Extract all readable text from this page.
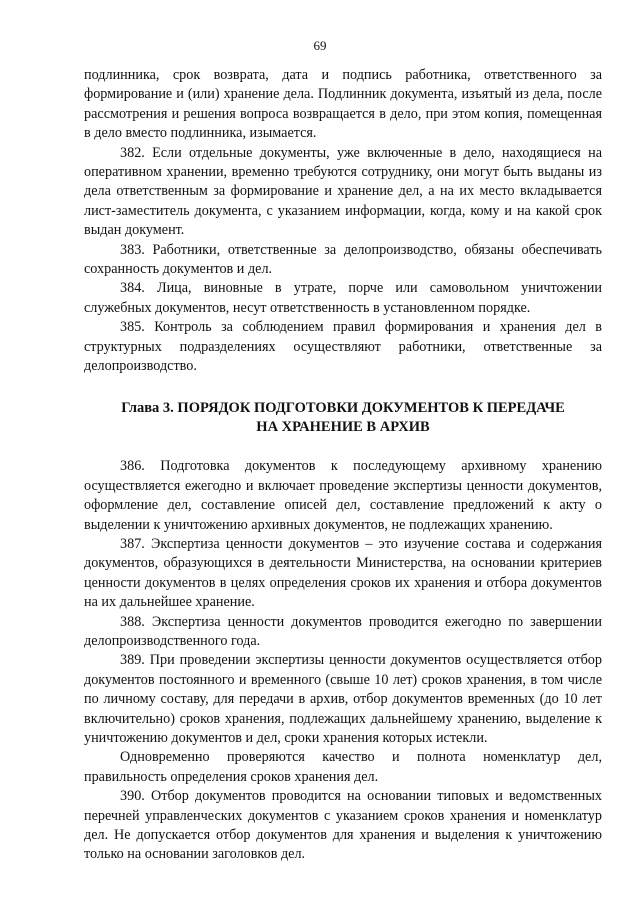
69

подлинника, срок возврата, дата и подпись работника, ответственного за формирование и (или) хранение дела. Подлинник документа, изъятый из дела, после рассмотрения и решения вопроса возвращается в дело, при этом копия, помещенная в дело вместо подлинника, изымается.

382. Если отдельные документы, уже включенные в дело, находящиеся на оперативном хранении, временно требуются сотруднику, они могут быть выданы из дела ответственным за формирование и хранение дел, а на их место вкладывается лист-заместитель документа, с указанием информации, когда, кому и на какой срок выдан документ.

383. Работники, ответственные за делопроизводство, обязаны обеспечивать сохранность документов и дел.

384. Лица, виновные в утрате, порче или самовольном уничтожении служебных документов, несут ответственность в установленном порядке.

385. Контроль за соблюдением правил формирования и хранения дел в структурных подразделениях осуществляют работники, ответственные за делопроизводство.

Глава 3. ПОРЯДОК ПОДГОТОВКИ ДОКУМЕНТОВ К ПЕРЕДАЧЕ
НА ХРАНЕНИЕ В АРХИВ

386. Подготовка документов к последующему архивному хранению осуществляется ежегодно и включает проведение экспертизы ценности документов, оформление дел, составление описей дел, составление предложений к акту о выделении к уничтожению архивных документов, не подлежащих хранению.

387. Экспертиза ценности документов – это изучение состава и содержания документов, образующихся в деятельности Министерства, на основании критериев ценности документов в целях определения сроков их хранения и отбора документов на их дальнейшее хранение.

388. Экспертиза ценности документов проводится ежегодно по завершении делопроизводственного года.

389. При проведении экспертизы ценности документов осуществляется отбор документов постоянного и временного (свыше 10 лет) сроков хранения, в том числе по личному составу, для передачи в архив, отбор документов временных (до 10 лет включительно) сроков хранения, подлежащих дальнейшему хранению, выделение к уничтожению документов и дел, сроки хранения которых истекли.

Одновременно проверяются качество и полнота номенклатур дел, правильность определения сроков хранения дел.

390. Отбор документов проводится на основании типовых и ведомственных перечней управленческих документов с указанием сроков хранения и номенклатур дел. Не допускается отбор документов для хранения и выделения к уничтожению только на основании заголовков дел.
